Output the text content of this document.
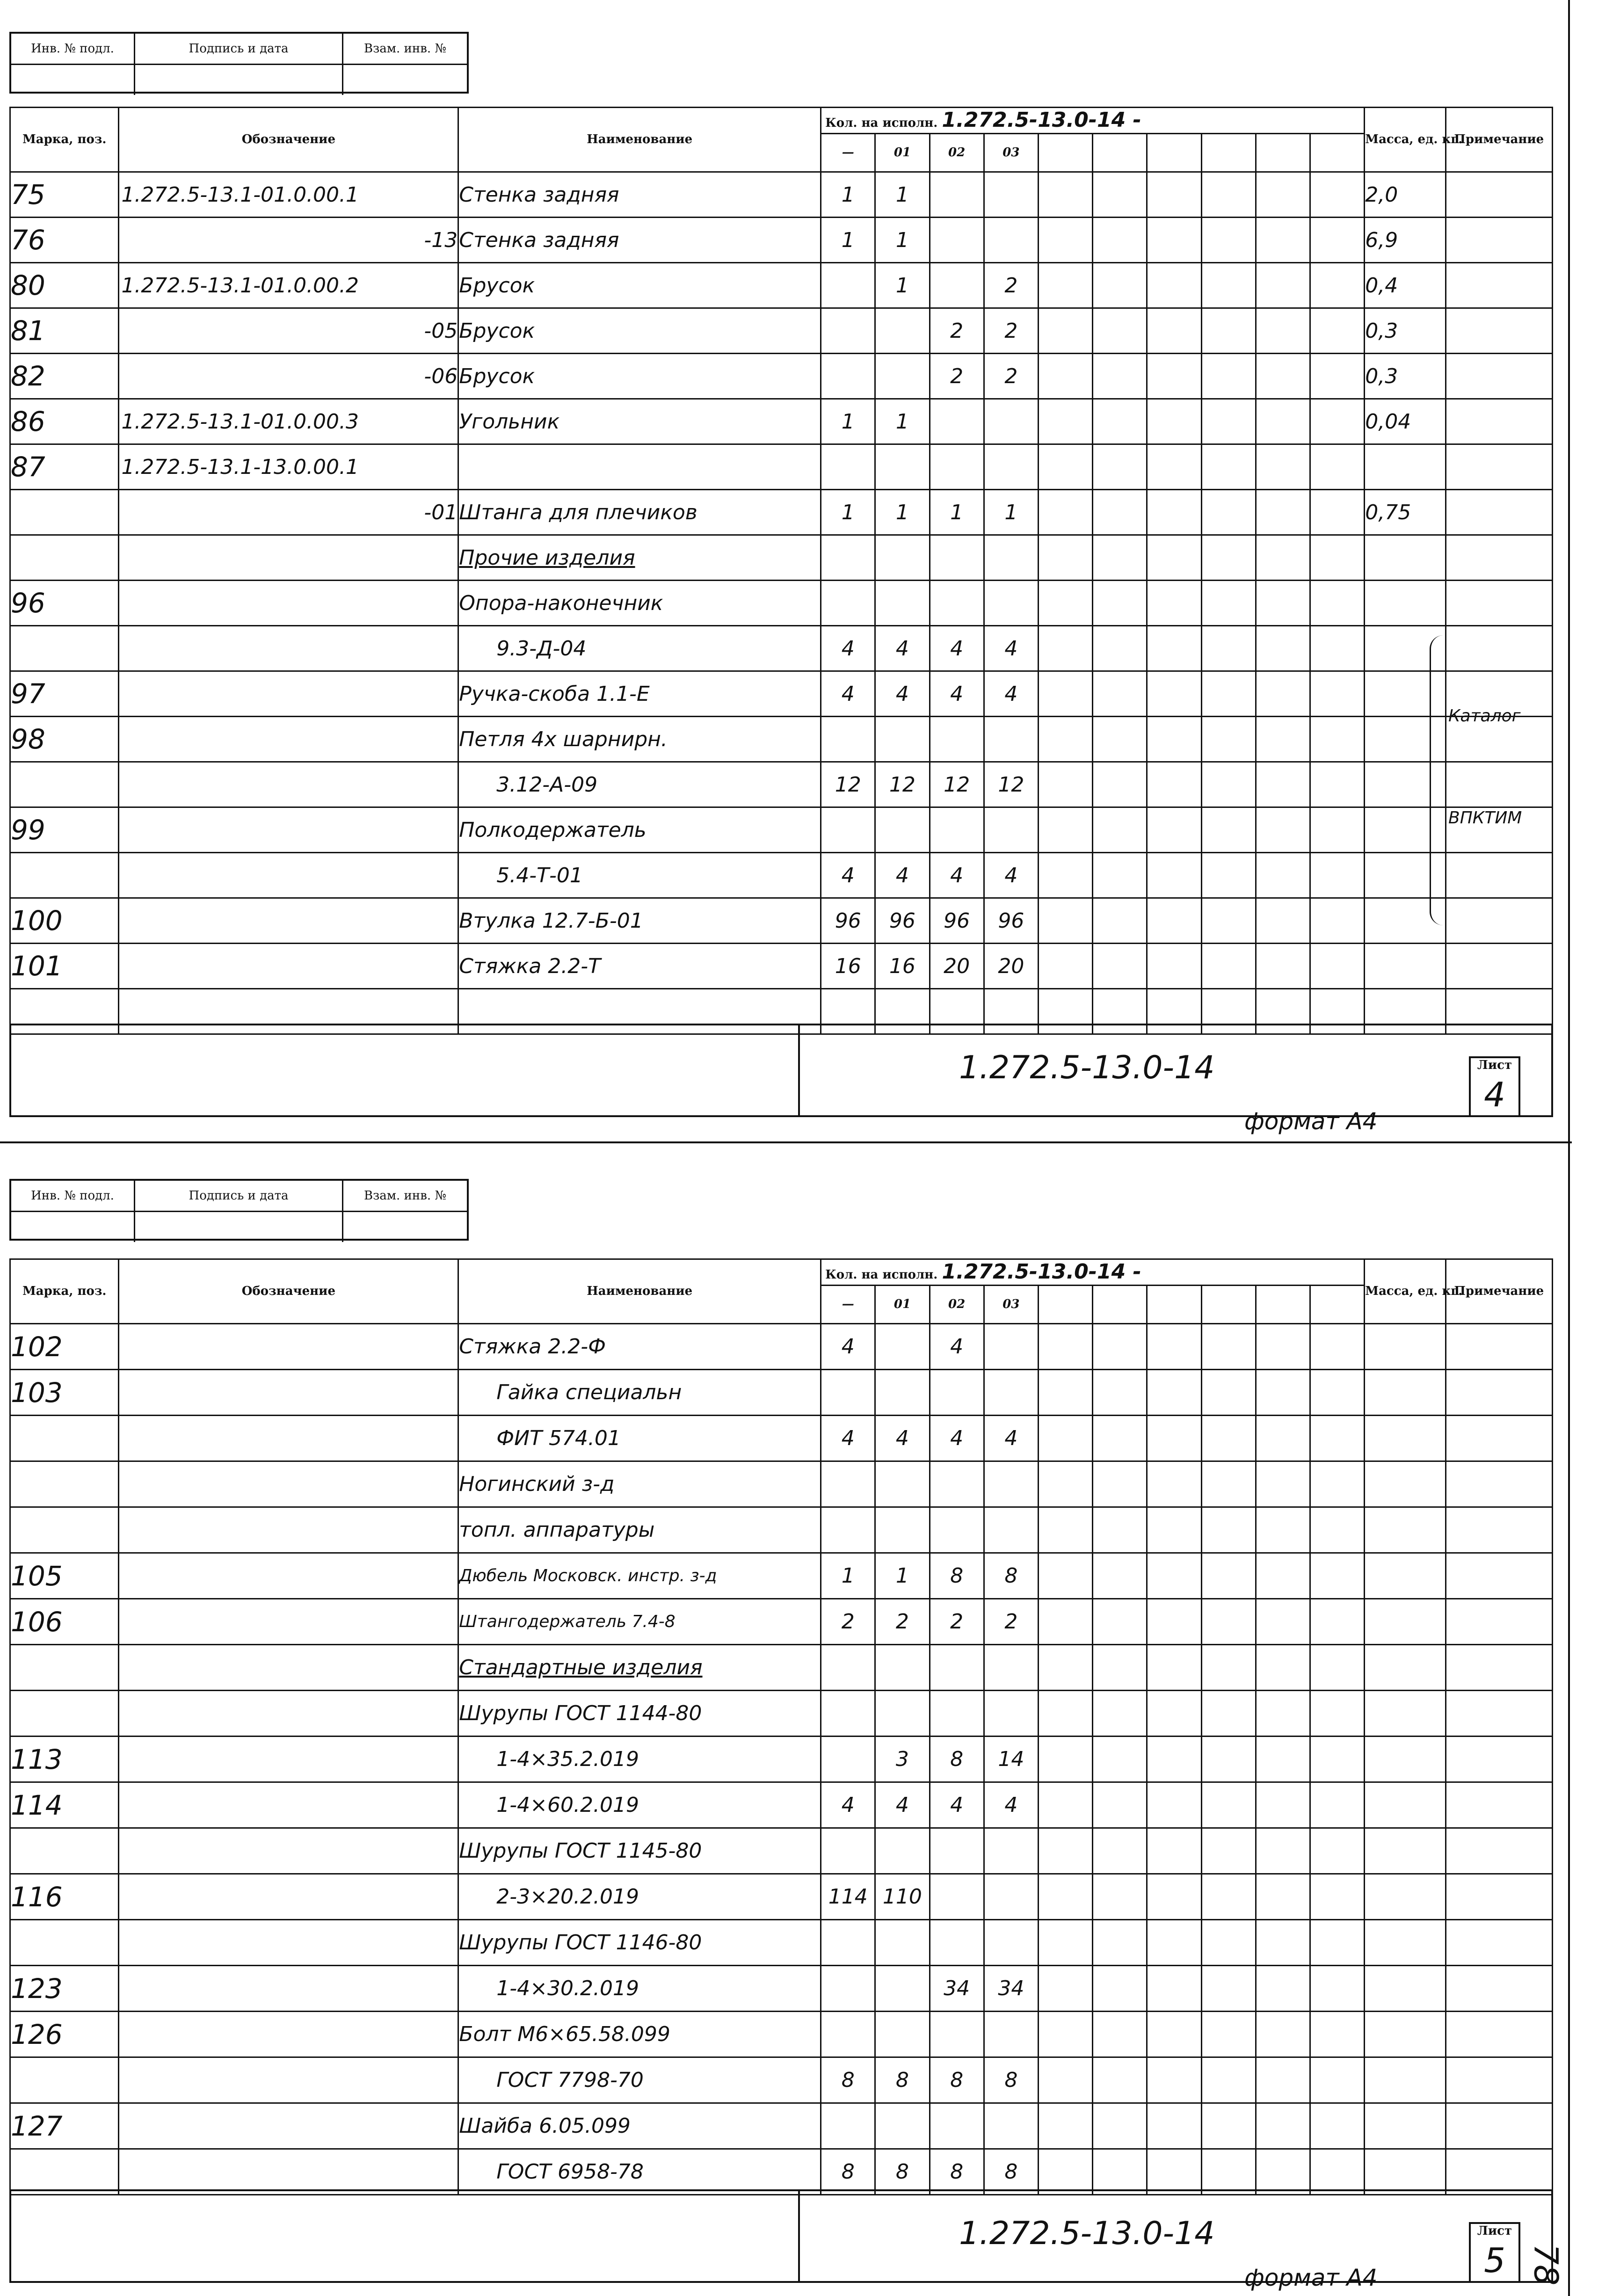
Инв. № подл.	Подпись и дата	Взам. инв. №
Марка, поз.	Обозначение	Наименование	Кол. на исполн. 1.272.5-13.0-14 -										Масса, ед. кг.	Примечание
			—	01	02	03								
75	1.272.5-13.1-01.0.00.1	Стенка задняя	1	1									2,0	
76	-13	Стенка задняя	1	1									6,9	
80	1.272.5-13.1-01.0.00.2	Брусок		1		2							0,4	
81	-05	Брусок			2	2							0,3	
82	-06	Брусок			2	2							0,3	
86	1.272.5-13.1-01.0.00.3	Угольник	1	1									0,04	
87	1.272.5-13.1-13.0.00.1													
	-01	Штанга для плечиков	1	1	1	1							0,75	
		Прочие изделия												
96		Опора-наконечник												
		9.3-Д-04	4	4	4	4								
97		Ручка-скоба 1.1-Е	4	4	4	4								
98		Петля 4х шарнирн.												
		3.12-А-09	12	12	12	12								
99		Полкодержатель												
		5.4-Т-01	4	4	4	4								
100		Втулка 12.7-Б-01	96	96	96	96								
101		Стяжка 2.2-Т	16	16	20	20								

Каталог
ВПКТИМ
1.272.5-13.0-14	Лист
4
формат А4
Инв. № подл.	Подпись и дата	Взам. инв. №
Марка, поз.	Обозначение	Наименование	Кол. на исполн. 1.272.5-13.0-14 -										Масса, ед. кг.	Примечание
			—	01	02	03								
102		Стяжка 2.2-Ф	4		4									
103		Гайка специальн												
		ФИТ 574.01	4	4	4	4								
		Ногинский з-д												
		топл. аппаратуры												
105		Дюбель Московск. инстр. з-д	1	1	8	8								
106		Штангодержатель 7.4-8	2	2	2	2								
		Стандартные изделия												
		Шурупы ГОСТ 1144-80												
113		1-4×35.2.019		3	8	14								
114		1-4×60.2.019	4	4	4	4								
		Шурупы ГОСТ 1145-80												
116		2-3×20.2.019	114	110										
		Шурупы ГОСТ 1146-80												
123		1-4×30.2.019			34	34								
126		Болт М6×65.58.099												
		ГОСТ 7798-70	8	8	8	8								
127		Шайба 6.05.099												
		ГОСТ 6958-78	8	8	8	8								
1.272.5-13.0-14	Лист
5
формат А4	78
